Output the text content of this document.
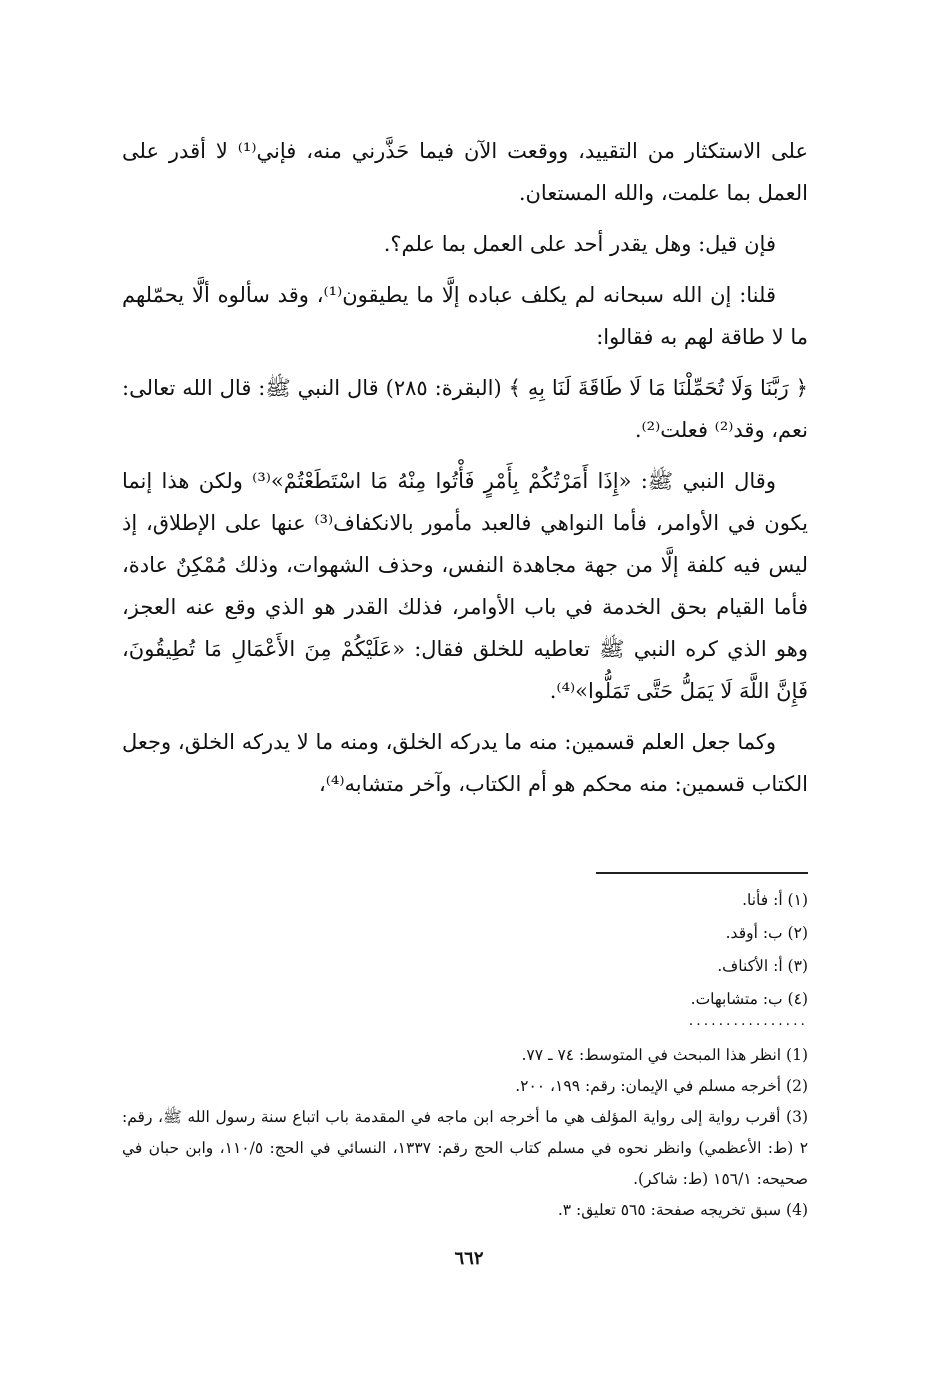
على الاستكثار من التقييد، ووقعت الآن فيما حَذَّرني منه، فإني⁽¹⁾ لا أقدر على العمل بما علمت، والله المستعان.

فإن قيل: وهل يقدر أحد على العمل بما علم؟.

قلنا: إن الله سبحانه لم يكلف عباده إلَّا ما يطيقون⁽¹⁾، وقد سألوه ألَّا يحمّلهم ما لا طاقة لهم به فقالوا:

﴿ رَبَّنَا وَلَا تُحَمِّلْنَا مَا لَا طَاقَةَ لَنَا بِهِ ﴾ (البقرة: ٢٨٥) قال النبي ﷺ: قال الله تعالى: نعم، وقد⁽²⁾ فعلت⁽²⁾.

وقال النبي ﷺ: «إِذَا أَمَرْتُكُمْ بِأَمْرٍ فَأْتُوا مِنْهُ مَا اسْتَطَعْتُمْ»⁽³⁾ ولكن هذا إنما يكون في الأوامر، فأما النواهي فالعبد مأمور بالانكفاف⁽³⁾ عنها على الإطلاق، إذ ليس فيه كلفة إلَّا من جهة مجاهدة النفس، وحذف الشهوات، وذلك مُمْكِنٌ عادة، فأما القيام بحق الخدمة في باب الأوامر، فذلك القدر هو الذي وقع عنه العجز، وهو الذي كره النبي ﷺ تعاطيه للخلق فقال: «عَلَيْكُمْ مِنَ الأَعْمَالِ مَا تُطِيقُونَ، فَإِنَّ اللَّهَ لَا يَمَلُّ حَتَّى تَمَلُّوا»⁽⁴⁾.

وكما جعل العلم قسمين: منه ما يدركه الخلق، ومنه ما لا يدركه الخلق، وجعل الكتاب قسمين: منه محكم هو أم الكتاب، وآخر متشابه⁽⁴⁾،

(١) أ: فأنا.
(٢) ب: أوقد.
(٣) أ: الأكناف.
(٤) ب: متشابهات.
................
(1) انظر هذا المبحث في المتوسط: ٧٤ ـ ٧٧.
(2) أخرجه مسلم في الإيمان: رقم: ١٩٩، ٢٠٠.
(3) أقرب رواية إلى رواية المؤلف هي ما أخرجه ابن ماجه في المقدمة باب اتباع سنة رسول الله ﷺ، رقم: ٢ (ط: الأعظمي) وانظر نحوه في مسلم كتاب الحج رقم: ١٣٣٧، النسائي في الحج: ١١٠/٥، وابن حبان في صحيحه: ١٥٦/١ (ط: شاكر).
(4) سبق تخريجه صفحة: ٥٦٥ تعليق: ٣.
٦٦٢
